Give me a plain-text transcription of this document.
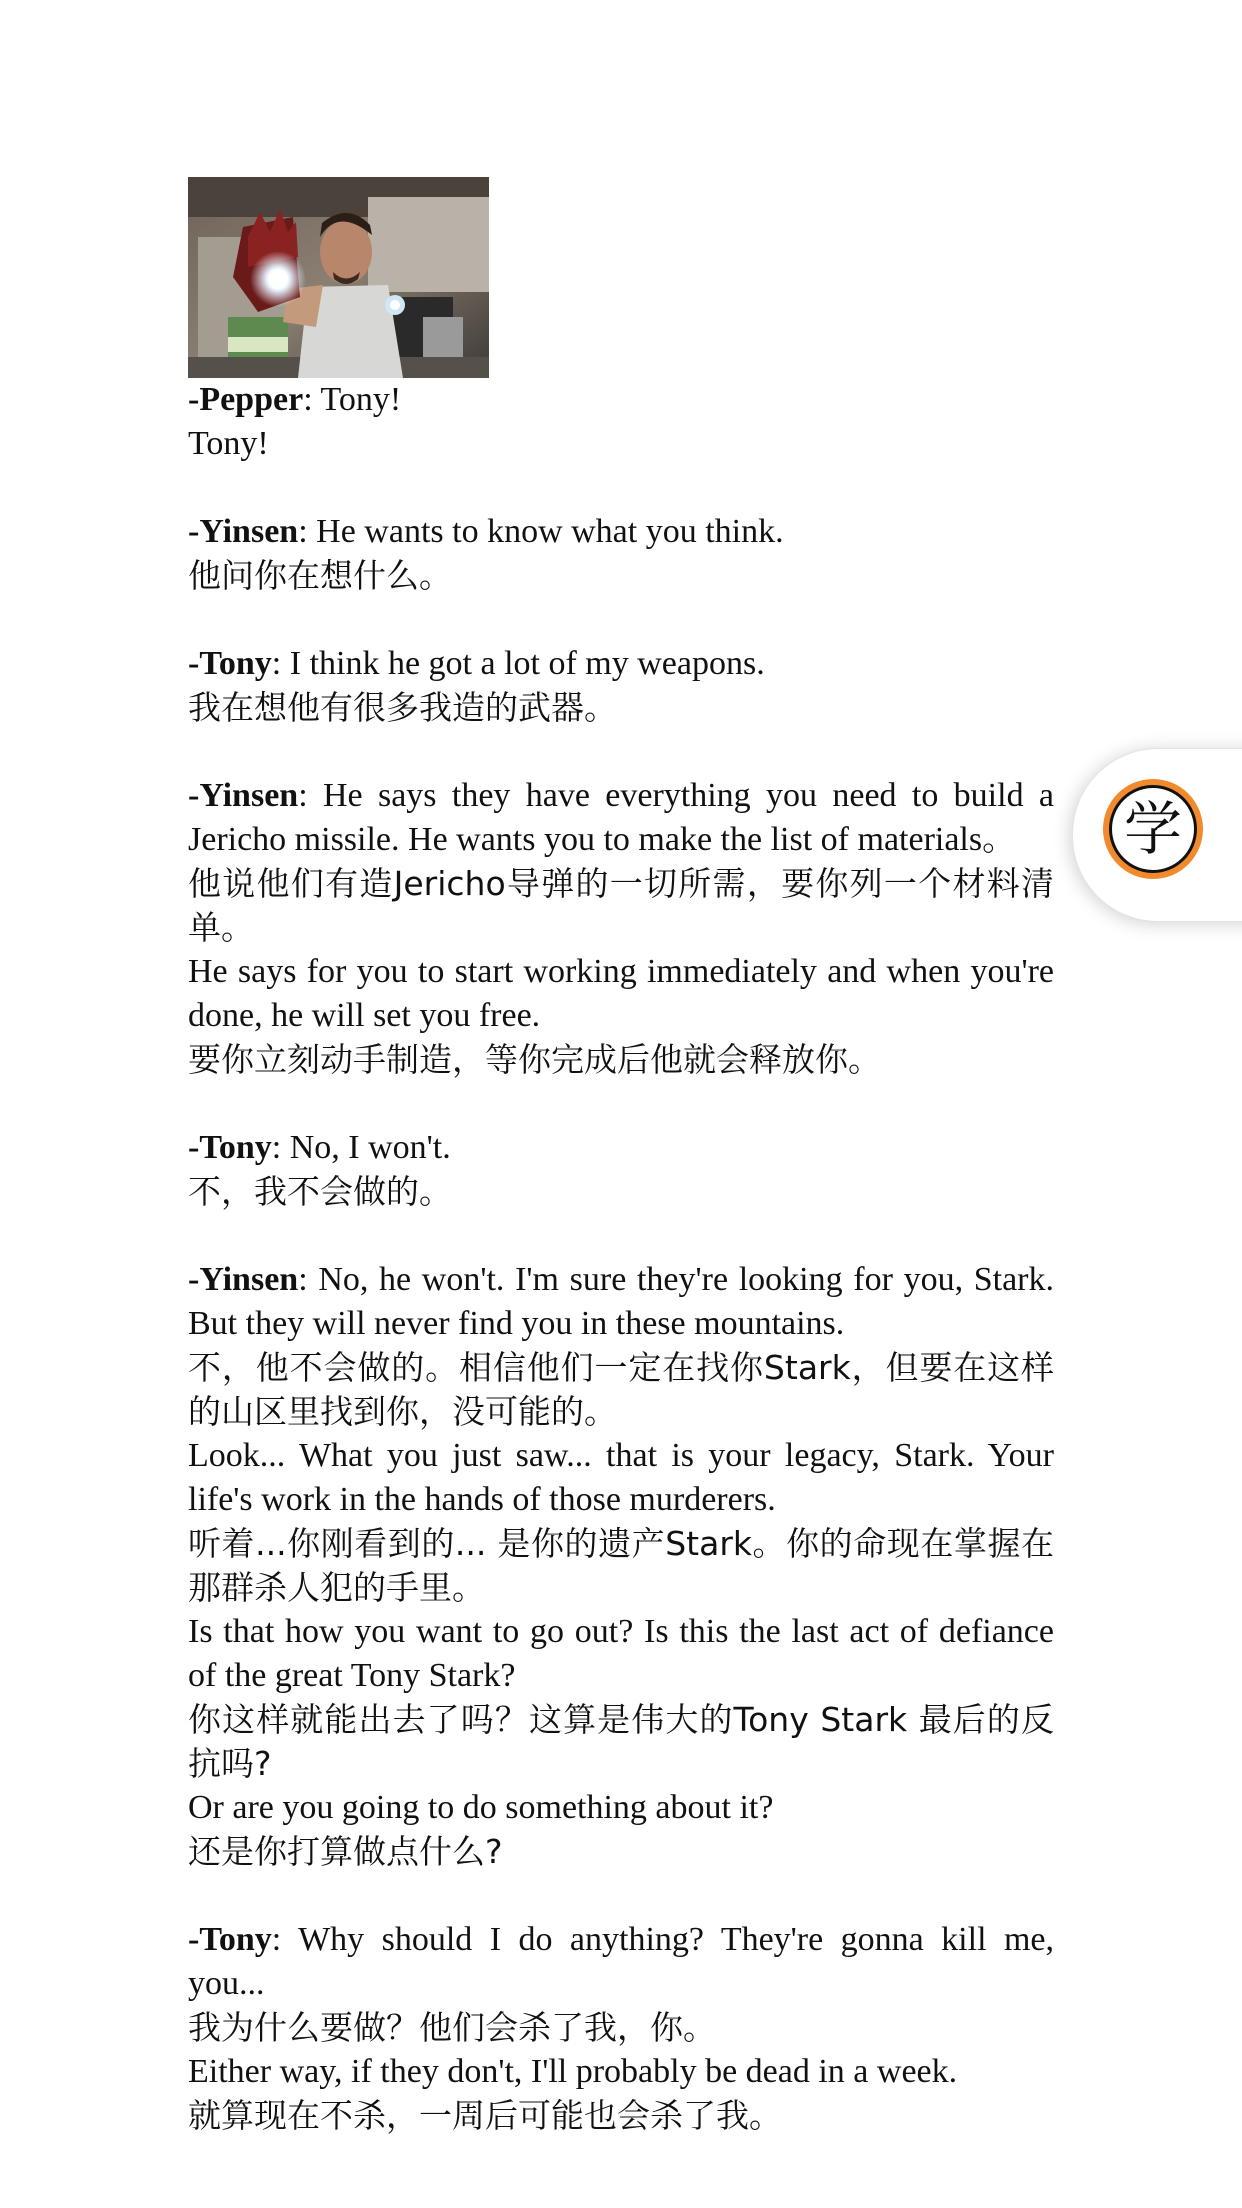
-Pepper: Tony!
Tony!
-Yinsen: He wants to know what you think.
他问你在想什么。
-Tony: I think he got a lot of my weapons.
我在想他有很多我造的武器。
-Yinsen: He says they have everything you need to build a Jericho missile. He wants you to make the list of materials。
他说他们有造Jericho导弹的一切所需，要你列一个材料清单。
He says for you to start working immediately and when you're done, he will set you free.
要你立刻动手制造，等你完成后他就会释放你。
-Tony: No, I won't.
不，我不会做的。
-Yinsen: No, he won't. I'm sure they're looking for you, Stark. But they will never find you in these mountains.
不，他不会做的。相信他们一定在找你Stark，但要在这样的山区里找到你，没可能的。
Look... What you just saw... that is your legacy, Stark. Your life's work in the hands of those murderers.
听着...你刚看到的... 是你的遗产Stark。你的命现在掌握在那群杀人犯的手里。
Is that how you want to go out? Is this the last act of defiance of the great Tony Stark?
你这样就能出去了吗？这算是伟大的Tony Stark 最后的反抗吗?
Or are you going to do something about it?
还是你打算做点什么?
-Tony: Why should I do anything? They're gonna kill me, you...
我为什么要做？他们会杀了我，你。
Either way, if they don't, I'll probably be dead in a week.
就算现在不杀，一周后可能也会杀了我。
学
